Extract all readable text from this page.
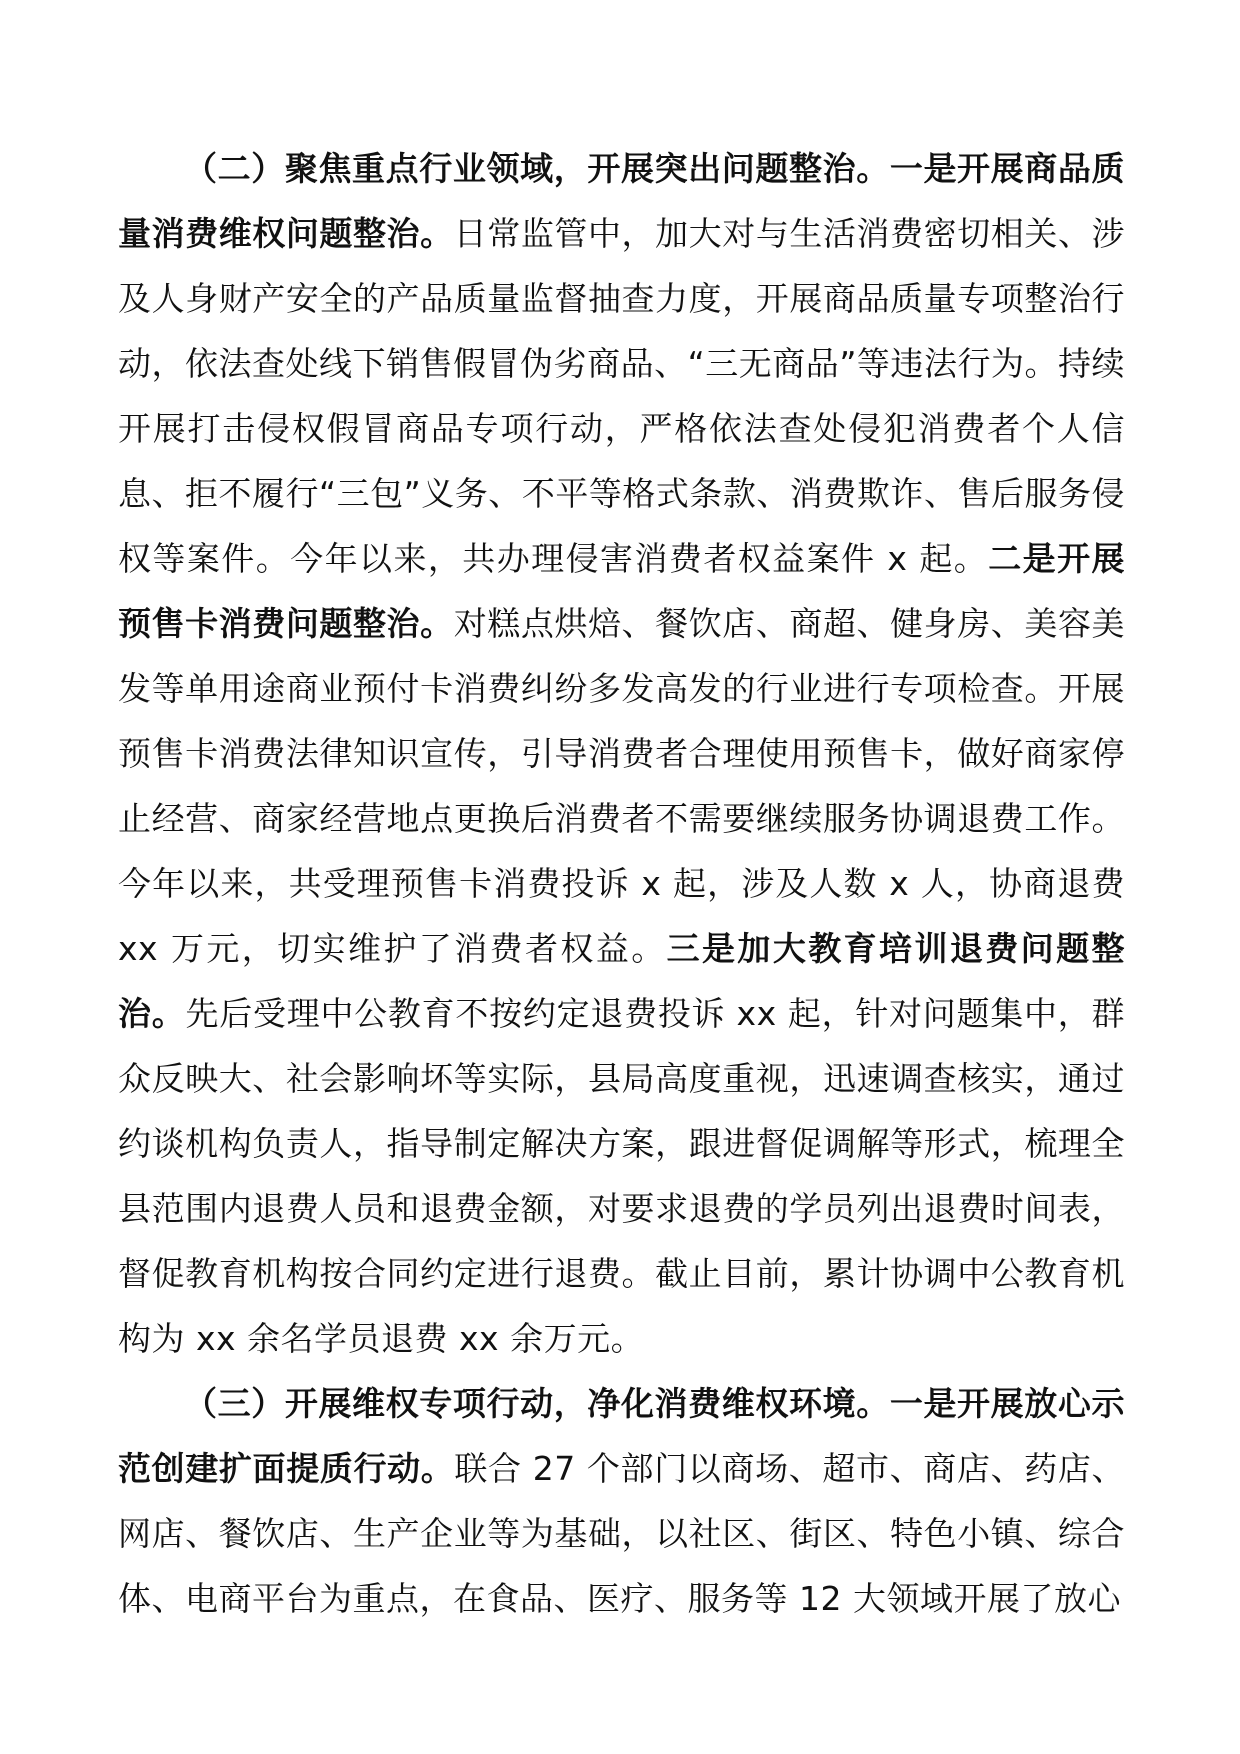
（二）聚焦重点行业领域，开展突出问题整治。一是开展商品质量消费维权问题整治。日常监管中，加大对与生活消费密切相关、涉及人身财产安全的产品质量监督抽查力度，开展商品质量专项整治行动，依法查处线下销售假冒伪劣商品、“三无商品”等违法行为。持续开展打击侵权假冒商品专项行动，严格依法查处侵犯消费者个人信息、拒不履行“三包”义务、不平等格式条款、消费欺诈、售后服务侵权等案件。今年以来，共办理侵害消费者权益案件 x 起。二是开展预售卡消费问题整治。对糕点烘焙、餐饮店、商超、健身房、美容美发等单用途商业预付卡消费纠纷多发高发的行业进行专项检查。开展预售卡消费法律知识宣传，引导消费者合理使用预售卡，做好商家停止经营、商家经营地点更换后消费者不需要继续服务协调退费工作。今年以来，共受理预售卡消费投诉 x 起，涉及人数 x 人，协商退费 xx 万元，切实维护了消费者权益。三是加大教育培训退费问题整治。先后受理中公教育不按约定退费投诉 xx 起，针对问题集中，群众反映大、社会影响坏等实际，县局高度重视，迅速调查核实，通过约谈机构负责人，指导制定解决方案，跟进督促调解等形式，梳理全县范围内退费人员和退费金额，对要求退费的学员列出退费时间表，督促教育机构按合同约定进行退费。截止目前，累计协调中公教育机构为 xx 余名学员退费 xx 余万元。

（三）开展维权专项行动，净化消费维权环境。一是开展放心示范创建扩面提质行动。联合 27 个部门以商场、超市、商店、药店、网店、餐饮店、生产企业等为基础，以社区、街区、特色小镇、综合体、电商平台为重点，在食品、医疗、服务等 12 大领域开展了放心
